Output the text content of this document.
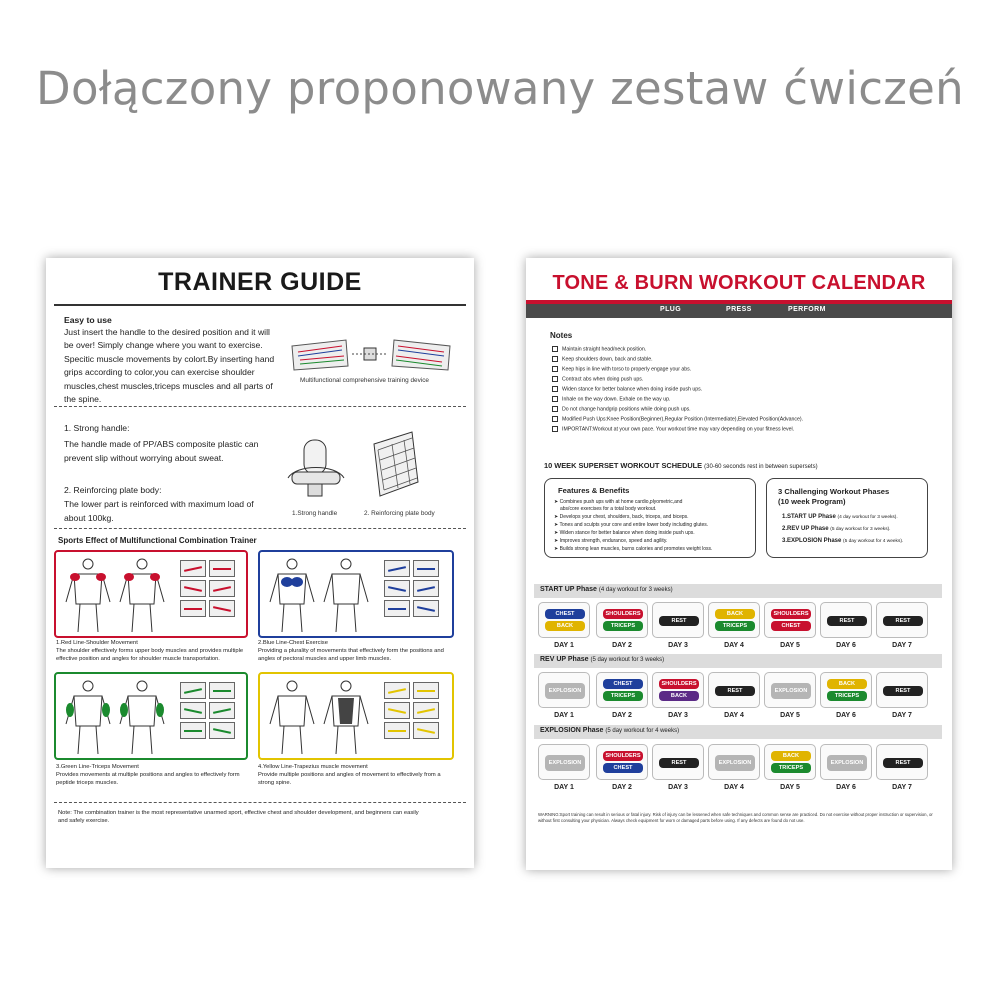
Dołączony proponowany zestaw ćwiczeń
TRAINER GUIDE
Easy to use
Just insert the handle to the desired position and it will
be over! Simply change where you want to exercise.
Specitic muscle movements by colort.By inserting hand
grips according to color,you can exercise shoulder
muscles,chest muscles,triceps muscles and all parts of
the spine.
Multifunctional comprehensive training device
1. Strong handle:
The handle made of PP/ABS composite plastic can
prevent slip without worrying about sweat.
2. Reinforcing plate body:
The lower part is reinforced with maximum load of
about 100kg.	1.Strong handle	2. Reinforcing plate body
Sports Effect of Multifunctional Combination Trainer
1.Red Line-Shoulder Movement
The shoulder effectively forms upper body muscles and provides multiple
effective position and angles for shoulder muscle transportation.
2.Blue Line-Chest Exercise
Providing a plurality of movements that effectively form the positions and
angles of pectoral muscles and upper limb muscles.
3.Green Line-Triceps Movement
Provides movements at multiple positions and angles to effectively form
peptide triceps muscles.
4.Yellow Line-Trapezius muscle movement
Provide multiple positions and angles of movement to effectively from a
strong spine.
Note: The combination trainer is the most representative unarmed sport, effective chest and shoulder development, and beginners can easily
and safely exercise.
TONE & BURN WORKOUT CALENDAR
PLUG	PRESS	PERFORM
Notes
Maintain straight head/neck position.
Keep shoulders down, back and stable.
Keep hips in line with torso to properly engage your abs.
Contract abs when doing push ups.
Widen stance for better balance when doing inside push ups.
Inhale on the way down. Exhale on the way up.
Do not change handgrip positions while doing push ups.
Modified Push Ups:Knee Position(Beginner),Regular Position (Intermediate),Elevated Position(Advance).
IMPORTANT:Workout at your own pace. Your workout time may vary depending on your fitness level.
10 WEEK SUPERSET WORKOUT SCHEDULE (30-60 seconds rest in between supersets)
Features & Benefits
➤ Combines push ups with at home cardio,plyometric,and
abs/core exercises for a total body workout.
➤ Develops your chest, shoulders, back, triceps, and biceps.
➤ Tones and sculpts your core and entire lower body including glutes.
➤ Widen stance for better balance when doing inside push ups.
➤ Improves strength, endurance, speed and agility.
➤ Builds strong lean muscles, burns calories and promotes weight loss.
3 Challenging Workout Phases
(10 week Program)
1.START UP Phase (4 day workout for 3 weeks).
2.REV UP Phase (5 day workout for 3 weeks).
3.EXPLOSION Phase (5 day workout for 4 weeks).
START UP Phase (4 day workout for 3 weeks)
CHEST
BACK
DAY 1
SHOULDERS
TRICEPS
DAY 2
REST
DAY 3
BACK
TRICEPS
DAY 4
SHOULDERS
CHEST
DAY 5
REST
DAY 6
REST
DAY 7
REV UP Phase (5 day workout for 3 weeks)
EXPLOSION
DAY 1
CHEST
TRICEPS
DAY 2
SHOULDERS
BACK
DAY 3
REST
DAY 4
EXPLOSION
DAY 5
BACK
TRICEPS
DAY 6
REST
DAY 7
EXPLOSION Phase (5 day workout for 4 weeks)
EXPLOSION
DAY 1
SHOULDERS
CHEST
DAY 2
REST
DAY 3
EXPLOSION
DAY 4
BACK
TRICEPS
DAY 5
EXPLOSION
DAY 6
REST
DAY 7
WARNING:Sport training can result in serious or fatal injury. Risk of injury can be lessened when safe techniques and common sense are practiced. Do not exercise without proper instruction or supervision, or without first consulting your physician. Always check equipment for worn or damaged parts before using. If any defects are found do not use.
